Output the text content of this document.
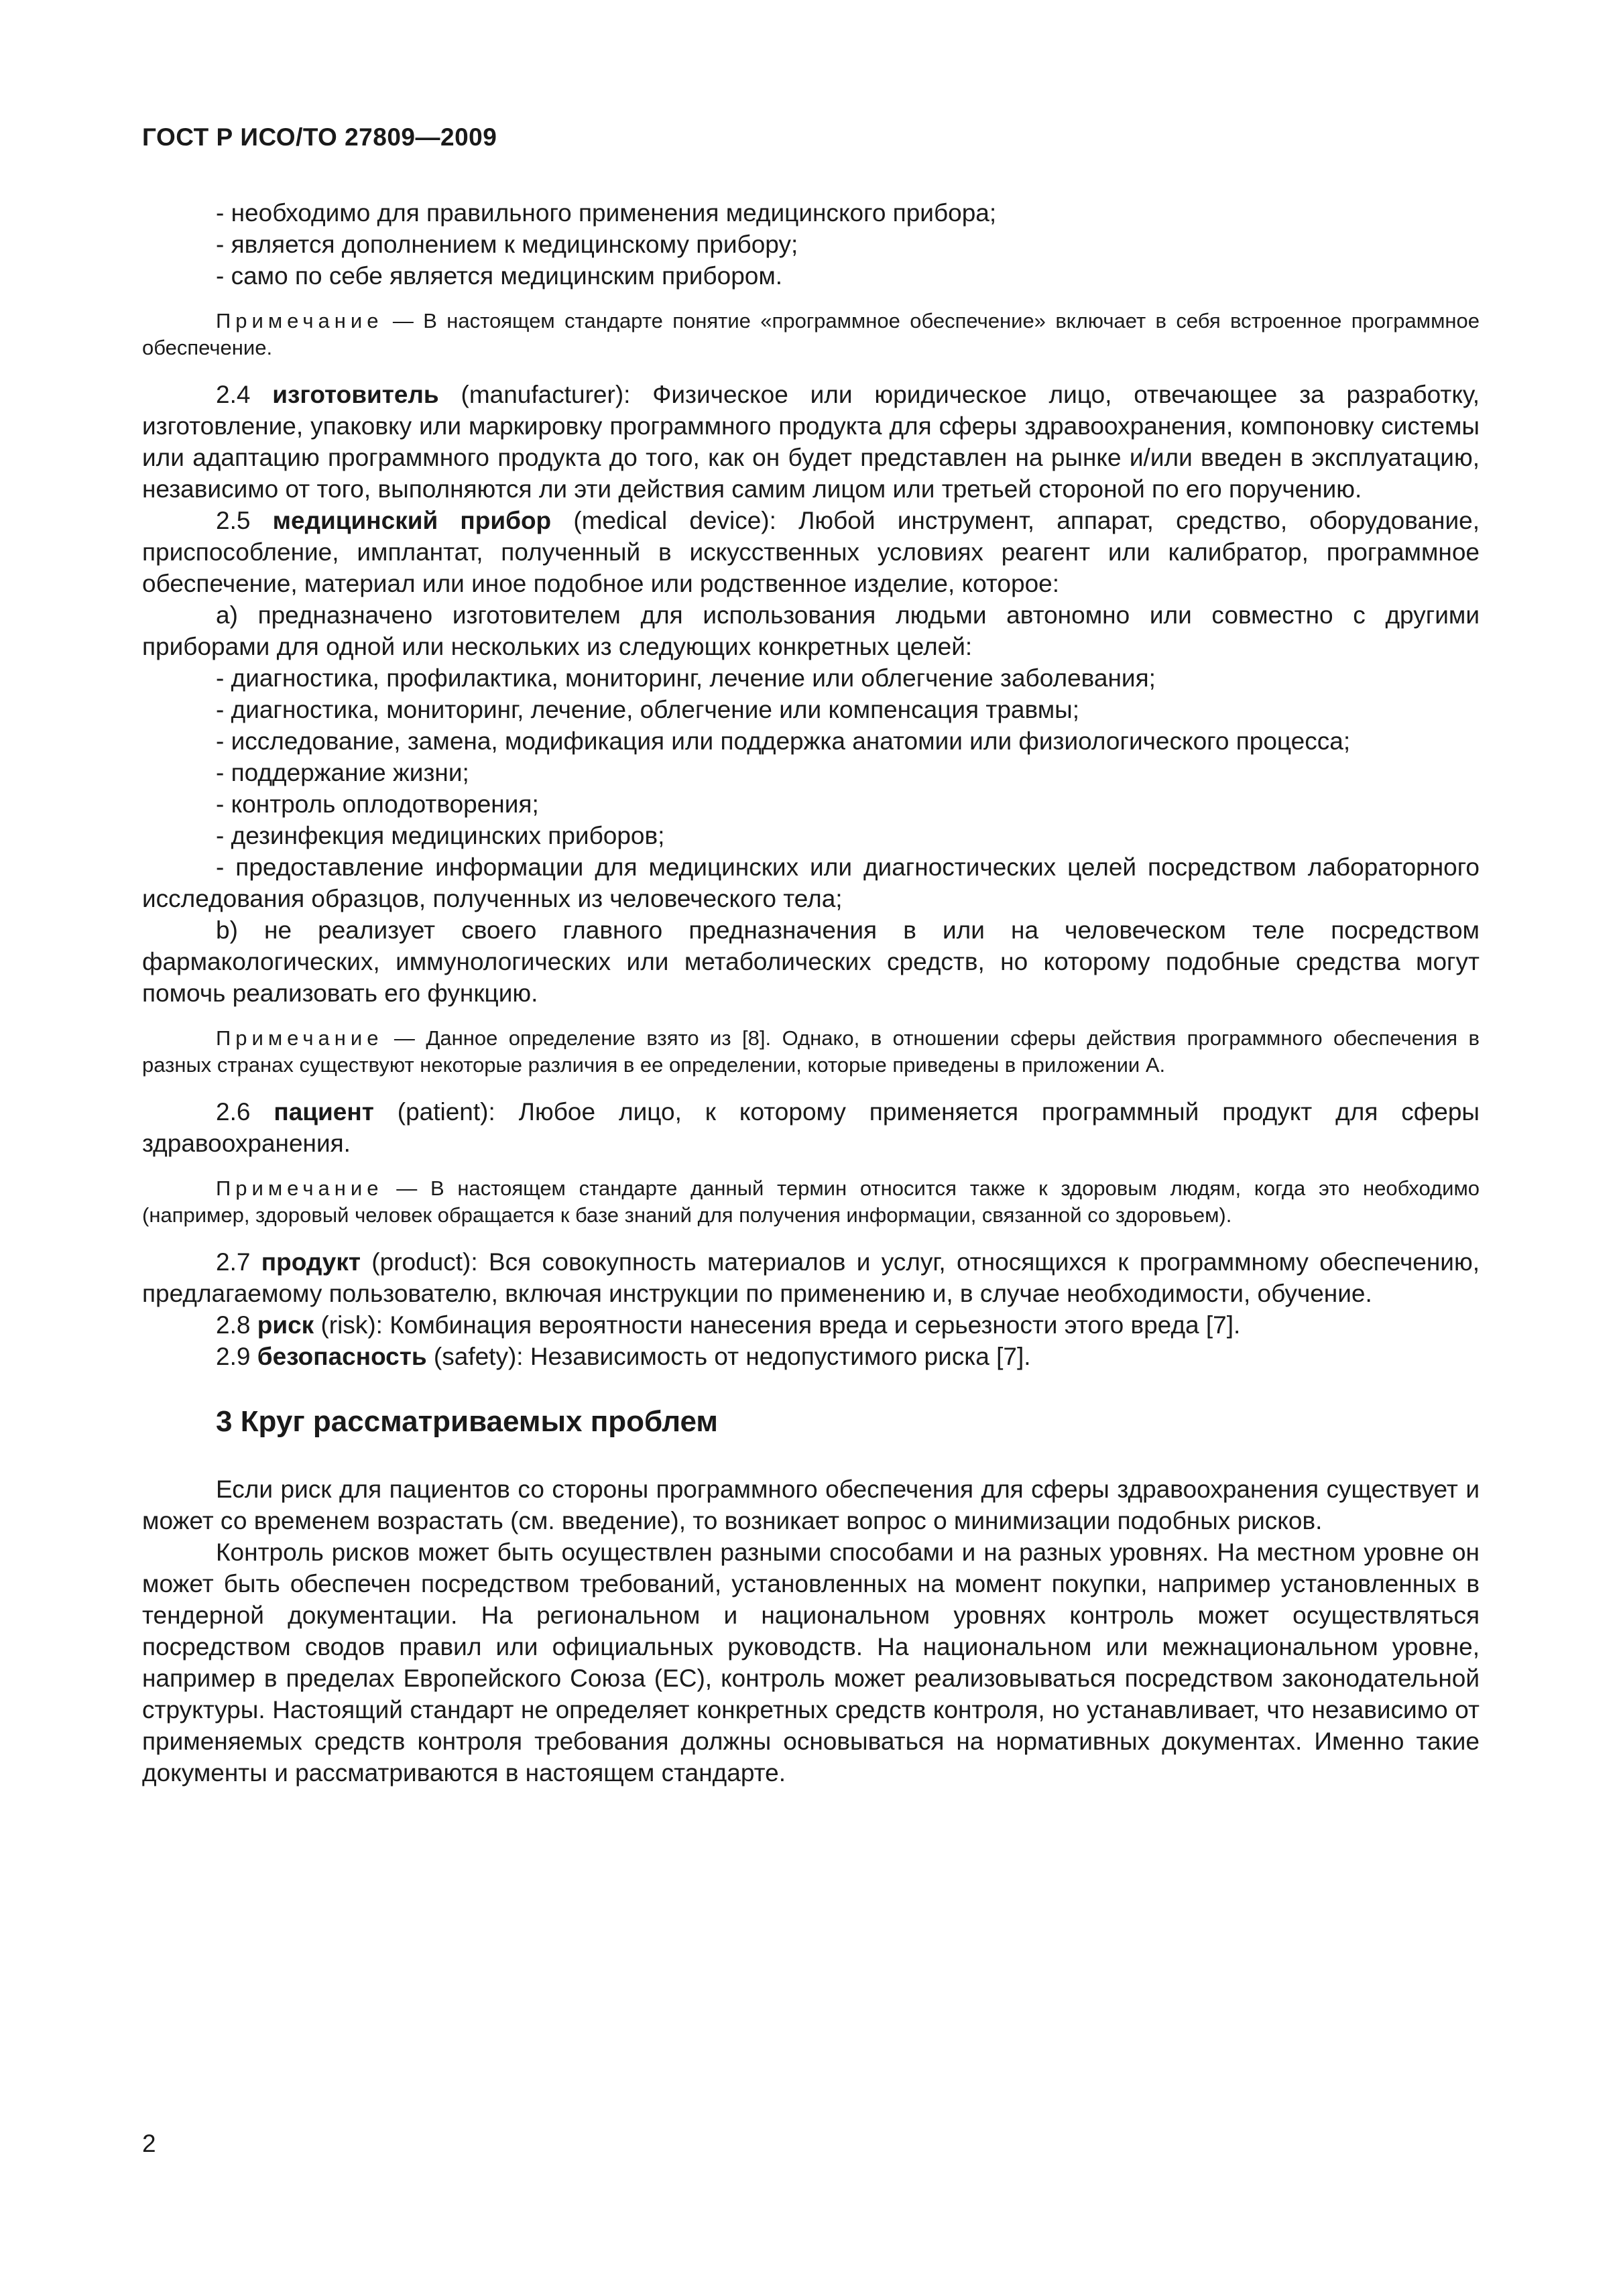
ГОСТ Р ИСО/ТО 27809—2009

- необходимо для правильного применения медицинского прибора;

- является дополнением к медицинскому прибору;

- само по себе является медицинским прибором.

Примечание — В настоящем стандарте понятие «программное обеспечение» включает в себя встроенное программное обеспечение.

2.4 изготовитель (manufacturer): Физическое или юридическое лицо, отвечающее за разработку, изготовление, упаковку или маркировку программного продукта для сферы здравоохранения, компоновку системы или адаптацию программного продукта до того, как он будет представлен на рынке и/или введен в эксплуатацию, независимо от того, выполняются ли эти действия самим лицом или третьей стороной по его поручению.

2.5 медицинский прибор (medical device): Любой инструмент, аппарат, средство, оборудование, приспособление, имплантат, полученный в искусственных условиях реагент или калибратор, программное обеспечение, материал или иное подобное или родственное изделие, которое:

а) предназначено изготовителем для использования людьми автономно или совместно с другими приборами для одной или нескольких из следующих конкретных целей:

- диагностика, профилактика, мониторинг, лечение или облегчение заболевания;

- диагностика, мониторинг, лечение, облегчение или компенсация травмы;

- исследование, замена, модификация или поддержка анатомии или физиологического процесса;

- поддержание жизни;

- контроль оплодотворения;

- дезинфекция медицинских приборов;

- предоставление информации для медицинских или диагностических целей посредством лабораторного исследования образцов, полученных из человеческого тела;

b) не реализует своего главного предназначения в или на человеческом теле посредством фармакологических, иммунологических или метаболических средств, но которому подобные средства могут помочь реализовать его функцию.

Примечание — Данное определение взято из [8]. Однако, в отношении сферы действия программного обеспечения в разных странах существуют некоторые различия в ее определении, которые приведены в приложении А.

2.6 пациент (patient): Любое лицо, к которому применяется программный продукт для сферы здравоохранения.

Примечание — В настоящем стандарте данный термин относится также к здоровым людям, когда это необходимо (например, здоровый человек обращается к базе знаний для получения информации, связанной со здоровьем).

2.7 продукт (product): Вся совокупность материалов и услуг, относящихся к программному обеспечению, предлагаемому пользователю, включая инструкции по применению и, в случае необходимости, обучение.

2.8 риск (risk): Комбинация вероятности нанесения вреда и серьезности этого вреда [7].

2.9 безопасность (safety): Независимость от недопустимого риска [7].

3 Круг рассматриваемых проблем

Если риск для пациентов со стороны программного обеспечения для сферы здравоохранения существует и может со временем возрастать (см. введение), то возникает вопрос о минимизации подобных рисков.

Контроль рисков может быть осуществлен разными способами и на разных уровнях. На местном уровне он может быть обеспечен посредством требований, установленных на момент покупки, например установленных в тендерной документации. На региональном и национальном уровнях контроль может осуществляться посредством сводов правил или официальных руководств. На национальном или межнациональном уровне, например в пределах Европейского Союза (ЕС), контроль может реализовываться посредством законодательной структуры. Настоящий стандарт не определяет конкретных средств контроля, но устанавливает, что независимо от применяемых средств контроля требования должны основываться на нормативных документах. Именно такие документы и рассматриваются в настоящем стандарте.

2
